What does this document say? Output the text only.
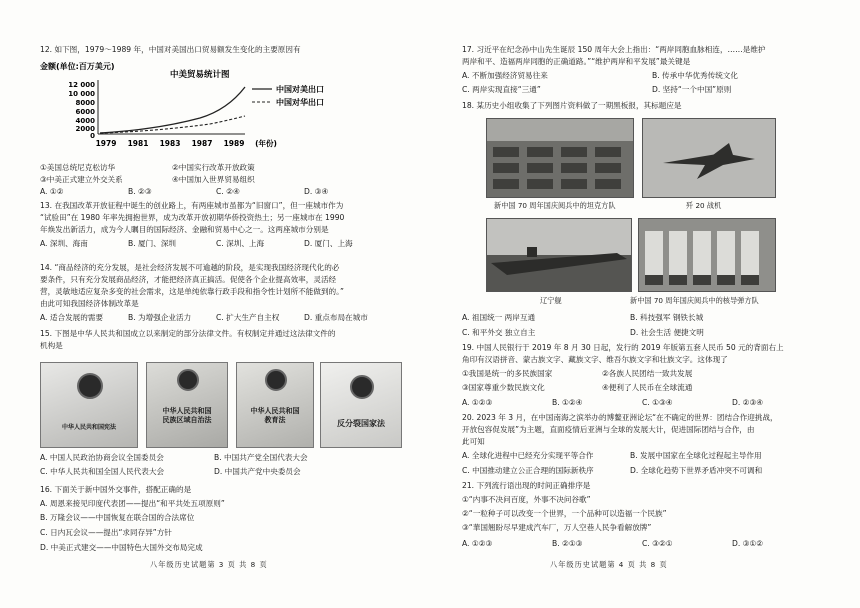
12. 如下图，1979～1989 年，中国对美国出口贸易额发生变化的主要原因有
金额(单位:百万美元)
中美贸易统计图
12 000
10 000
8000
6000
4000
2000
0
中国对美出口
中国对华出口
1979 1981 1983 1987 1989 (年份)
①美国总统尼克松访华	②中国实行改革开放政策
③中美正式建立外交关系	④中国加入世界贸易组织
A. ①②	B. ②③	C. ②④	D. ③④
13. 在我国改革开放征程中诞生的创业路上，有两座城市虽都为“旧窗口”，但一座城市作为
“试验田”在 1980 年率先拥抱世界，成为改革开放初期华侨投资热土；另一座城市在 1990
年焕发出新活力，成为今人瞩目的国际经济、金融和贸易中心之一。这两座城市分别是
A. 深圳、海南	B. 厦门、深圳	C. 深圳、上海	D. 厦门、上海
14. “商品经济的充分发展，是社会经济发展不可逾越的阶段，是实现我国经济现代化的必
要条件，只有充分发展商品经济，才能把经济真正搞活。促使各个企业提高效率，灵活经
营，灵敏地适应复杂多变的社会需求，这是单纯依靠行政手段和指令性计划所不能做到的。”
由此可知我国经济体制改革是
A. 适合发展的需要	B. 为增强企业活力	C. 扩大生产自主权	D. 重点布局在城市
15. 下图是中华人民共和国成立以来制定的部分法律文件。有权制定并通过这法律文件的
机构是
中华人民共和国宪法
中华人民共和国
民族区域自治法
中华人民共和国
教育法	反分裂国家法
A. 中国人民政治协商会议全国委员会	B. 中国共产党全国代表大会
C. 中华人民共和国全国人民代表大会	D. 中国共产党中央委员会
16. 下面关于新中国外交事件，搭配正确的是
A. 周恩来接见印度代表团——提出“和平共处五项原则”
B. 万隆会议——中国恢复在联合国的合法席位
C. 日内瓦会议——提出“求同存异”方针
D. 中美正式建交——中国特色大国外交布局完成
八年级历史试题第 3 页 共 8 页
17. 习近平在纪念孙中山先生诞辰 150 周年大会上指出：“两岸同胞血脉相连，……是维护
两岸和平、造福两岸同胞的正确道路。”“维护两岸和平发展”最关键是
A. 不断加强经济贸易往来	B. 传承中华优秀传统文化
C. 两岸实现直接“三通”	D. 坚持“一个中国”原则
18. 某历史小组收集了下列图片资料做了一期黑板报，其标题应是
新中国 70 周年国庆阅兵中的坦克方队	歼 20 战机
辽宁舰	新中国 70 周年国庆阅兵中的核导弹方队
A. 祖国统一 两岸互通	B. 科技强军 钢铁长城
C. 和平外交 独立自主	D. 社会生活 便捷文明
19. 中国人民银行于 2019 年 8 月 30 日起，发行的 2019 年版第五套人民币 50 元的背面右上
角印有汉语拼音、蒙古族文字、藏族文字、维吾尔族文字和壮族文字。这体现了
①我国是统一的多民族国家	②各族人民团结一致共发展
③国家尊重少数民族文化	④便利了人民币在全球流通
A. ①②③	B. ①②④	C. ①③④	D. ②③④
20. 2023 年 3 月，在中国南海之滨举办的博鳌亚洲论坛“在不确定的世界：团结合作迎挑战，
开放包容促发展”为主题，直面疫情后亚洲与全球的发展大计，促进国际团结与合作，由
此可知
A. 全球化进程中已经充分实现平等合作	B. 发展中国家在全球化过程起主导作用
C. 中国推动建立公正合理的国际新秩序	D. 全球化趋势下世界矛盾冲突不可调和
21. 下列流行语出现的时间正确排序是
①“内事不决问百度，外事不决问谷歌”
②“一粒种子可以改变一个世界，一个品种可以造福一个民族”
③“華国翘盼尽早建成汽车厂，万人空巷人民争看解放牌”
A. ①②③	B. ②①③	C. ③②①	D. ③①②
八年级历史试题第 4 页 共 8 页
